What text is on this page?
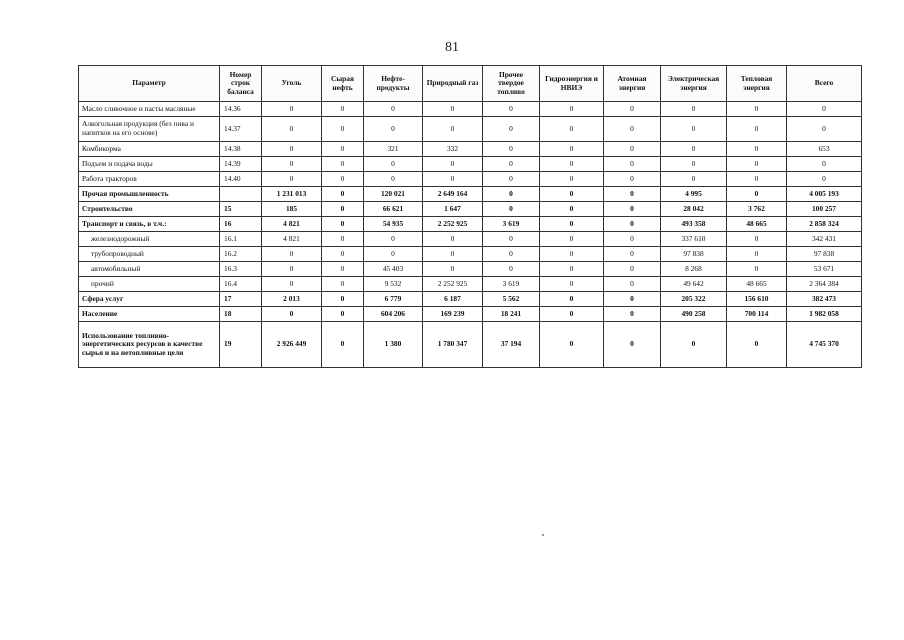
81
Параметр	Номер строк баланса	Уголь	Сырая нефть	Нефте-продукты	Природный газ	Прочее твердое топливо	Гидроэнергия и НВИЭ	Атомная энергия	Электрическая энергия	Тепловая энергия	Всего
Масло сливочное и пасты масляные	14.36	0	0	0	0	0	0	0	0	0	0
Алкогольная продукция (без пива и напитков на его основе)	14.37	0	0	0	0	0	0	0	0	0	0
Комбикорма	14.38	0	0	321	332	0	0	0	0	0	653
Подъем и подача воды	14.39	0	0	0	0	0	0	0	0	0	0
Работа тракторов	14.40	0	0	0	0	0	0	0	0	0	0
Прочая промышленность		1 231 013	0	120 021	2 649 164	0	0	0	4 995	0	4 005 193
Строительство	15	185	0	66 621	1 647	0	0	0	28 042	3 762	100 257
Транспорт и связь, в т.ч.:	16	4 821	0	54 935	2 252 925	3 619	0	0	493 358	48 665	2 858 324
железнодорожный	16.1	4 821	0	0	0	0	0	0	337 610	0	342 431
трубопроводный	16.2	0	0	0	0	0	0	0	97 838	0	97 838
автомобильный	16.3	0	0	45 403	0	0	0	0	8 268	0	53 671
прочий	16.4	0	0	9 532	2 252 925	3 619	0	0	49 642	48 665	2 364 384
Сфера услуг	17	2 013	0	6 779	6 187	5 562	0	0	205 322	156 610	382 473
Население	18	0	0	604 206	169 239	18 241	0	0	490 258	700 114	1 982 058
Использование топливно-энергетических ресурсов в качестве сырья и на нетопливные цели	19	2 926 449	0	1 380	1 780 347	37 194	0	0	0	0	4 745 370
